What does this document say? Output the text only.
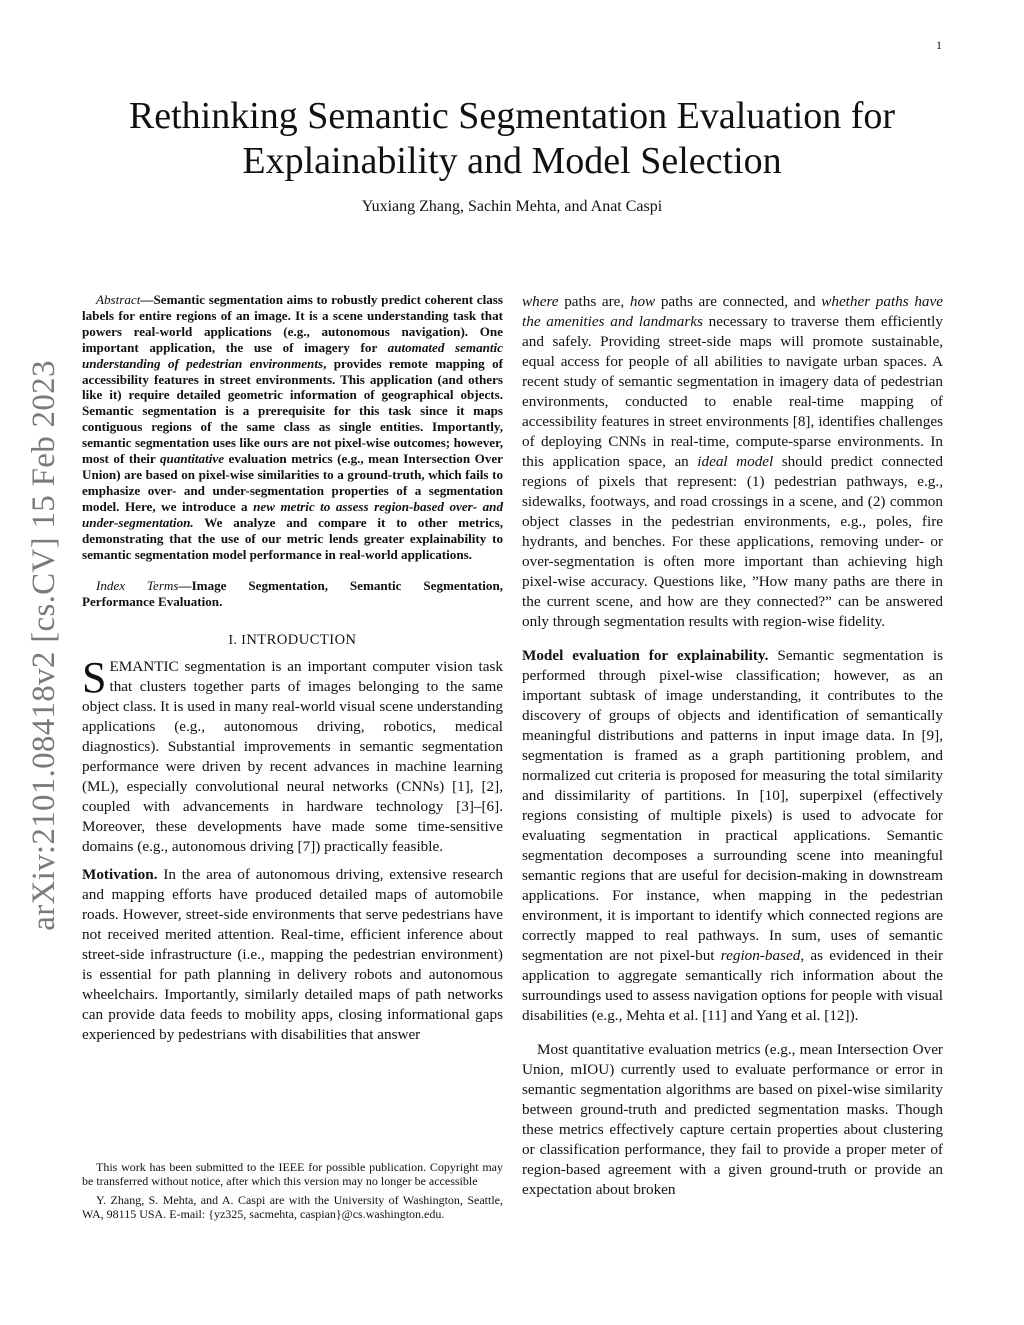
1
arXiv:2101.08418v2 [cs.CV] 15 Feb 2023
Rethinking Semantic Segmentation Evaluation for Explainability and Model Selection
Yuxiang Zhang, Sachin Mehta, and Anat Caspi

Abstract—Semantic segmentation aims to robustly predict coherent class labels for entire regions of an image. It is a scene understanding task that powers real-world applications (e.g., autonomous navigation). One important application, the use of imagery for automated semantic understanding of pedestrian environments, provides remote mapping of accessibility features in street environments. This application (and others like it) require detailed geometric information of geographical objects. Semantic segmentation is a prerequisite for this task since it maps contiguous regions of the same class as single entities. Importantly, semantic segmentation uses like ours are not pixel-wise outcomes; however, most of their quantitative evaluation metrics (e.g., mean Intersection Over Union) are based on pixel-wise similarities to a ground-truth, which fails to emphasize over- and under-segmentation properties of a segmentation model. Here, we introduce a new metric to assess region-based over- and under-segmentation. We analyze and compare it to other metrics, demonstrating that the use of our metric lends greater explainability to semantic segmentation model performance in real-world applications.

Index Terms—Image Segmentation, Semantic Segmentation, Performance Evaluation.

I. INTRODUCTION

SEMANTIC segmentation is an important computer vision task that clusters together parts of images belonging to the same object class. It is used in many real-world visual scene understanding applications (e.g., autonomous driving, robotics, medical diagnostics). Substantial improvements in semantic segmentation performance were driven by recent advances in machine learning (ML), especially convolutional neural networks (CNNs) [1], [2], coupled with advancements in hardware technology [3]–[6]. Moreover, these developments have made some time-sensitive domains (e.g., autonomous driving [7]) practically feasible.

Motivation. In the area of autonomous driving, extensive research and mapping efforts have produced detailed maps of automobile roads. However, street-side environments that serve pedestrians have not received merited attention. Real-time, efficient inference about street-side infrastructure (i.e., mapping the pedestrian environment) is essential for path planning in delivery robots and autonomous wheelchairs. Importantly, similarly detailed maps of path networks can provide data feeds to mobility apps, closing informational gaps experienced by pedestrians with disabilities that answer

This work has been submitted to the IEEE for possible publication. Copyright may be transferred without notice, after which this version may no longer be accessible

Y. Zhang, S. Mehta, and A. Caspi are with the University of Washington, Seattle, WA, 98115 USA. E-mail: {yz325, sacmehta, caspian}@cs.washington.edu.

where paths are, how paths are connected, and whether paths have the amenities and landmarks necessary to traverse them efficiently and safely. Providing street-side maps will promote sustainable, equal access for people of all abilities to navigate urban spaces. A recent study of semantic segmentation in imagery data of pedestrian environments, conducted to enable real-time mapping of accessibility features in street environments [8], identifies challenges of deploying CNNs in real-time, compute-sparse environments. In this application space, an ideal model should predict connected regions of pixels that represent: (1) pedestrian pathways, e.g., sidewalks, footways, and road crossings in a scene, and (2) common object classes in the pedestrian environments, e.g., poles, fire hydrants, and benches. For these applications, removing under- or over-segmentation is often more important than achieving high pixel-wise accuracy. Questions like, ”How many paths are there in the current scene, and how are they connected?” can be answered only through segmentation results with region-wise fidelity.

Model evaluation for explainability. Semantic segmentation is performed through pixel-wise classification; however, as an important subtask of image understanding, it contributes to the discovery of groups of objects and identification of semantically meaningful distributions and patterns in input image data. In [9], segmentation is framed as a graph partitioning problem, and normalized cut criteria is proposed for measuring the total similarity and dissimilarity of partitions. In [10], superpixel (effectively regions consisting of multiple pixels) is used to advocate for evaluating segmentation in practical applications. Semantic segmentation decomposes a surrounding scene into meaningful semantic regions that are useful for decision-making in downstream applications. For instance, when mapping in the pedestrian environment, it is important to identify which connected regions are correctly mapped to real pathways. In sum, uses of semantic segmentation are not pixel-but region-based, as evidenced in their application to aggregate semantically rich information about the surroundings used to assess navigation options for people with visual disabilities (e.g., Mehta et al. [11] and Yang et al. [12]).

Most quantitative evaluation metrics (e.g., mean Intersection Over Union, mIOU) currently used to evaluate performance or error in semantic segmentation algorithms are based on pixel-wise similarity between ground-truth and predicted segmentation masks. Though these metrics effectively capture certain properties about clustering or classification performance, they fail to provide a proper meter of region-based agreement with a given ground-truth or provide an expectation about broken
